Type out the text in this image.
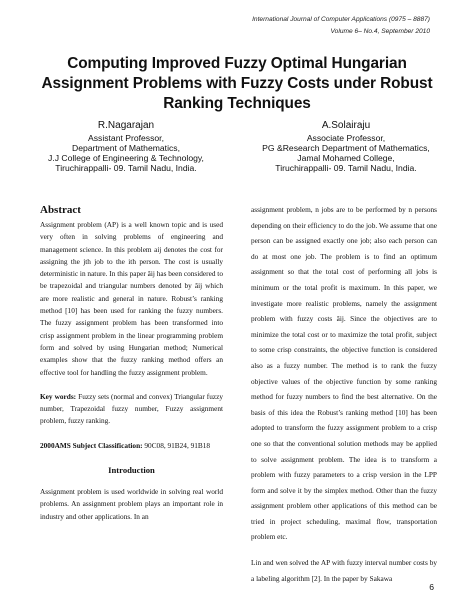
International Journal of Computer Applications (0975 – 8887)
Volume 6– No.4, September 2010
Computing Improved Fuzzy Optimal Hungarian Assignment Problems with Fuzzy Costs under Robust Ranking Techniques
R.Nagarajan
Assistant Professor,
Department of Mathematics,
J.J College of Engineering & Technology,
Tiruchirappalli- 09. Tamil Nadu, India.
A.Solairaju
Associate Professor,
PG &Research Department of Mathematics,
Jamal Mohamed College,
Tiruchirappalli- 09. Tamil Nadu, India.
Abstract

Assignment problem (AP) is a well known topic and is used very often in solving problems of engineering and management science. In this problem aij denotes the cost for assigning the jth job to the ith person. The cost is usually deterministic in nature. In this paper âij has been considered to be trapezoidal and triangular numbers denoted by âij which are more realistic and general in nature. Robust’s ranking method [10] has been used for ranking the fuzzy numbers. The fuzzy assignment problem has been transformed into crisp assignment problem in the linear programming problem form and solved by using Hungarian method; Numerical examples show that the fuzzy ranking method offers an effective tool for handling the fuzzy assignment problem.

Key words: Fuzzy sets (normal and convex) Triangular fuzzy number, Trapezoidal fuzzy number, Fuzzy assignment problem, fuzzy ranking.

2000AMS Subject Classification: 90C08, 91B24, 91B18

Introduction

Assignment problem is used worldwide in solving real world problems. An assignment problem plays an important role in industry and other applications. In an

assignment problem, n jobs are to be performed by n persons depending on their efficiency to do the job. We assume that one person can be assigned exactly one job; also each person can do at most one job. The problem is to find an optimum assignment so that the total cost of performing all jobs is minimum or the total profit is maximum. In this paper, we investigate more realistic problems, namely the assignment problem with fuzzy costs âij. Since the objectives are to minimize the total cost or to maximize the total profit, subject to some crisp constraints, the objective function is considered also as a fuzzy number. The method is to rank the fuzzy objective values of the objective function by some ranking method for fuzzy numbers to find the best alternative. On the basis of this idea the Robust’s ranking method [10] has been adopted to transform the fuzzy assignment problem to a crisp one so that the conventional solution methods may be applied to solve assignment problem. The idea is to transform a problem with fuzzy parameters to a crisp version in the LPP form and solve it by the simplex method. Other than the fuzzy assignment problem other applications of this method can be tried in project scheduling, maximal flow, transportation problem etc.

Lin and wen solved the AP with fuzzy interval number costs by a labeling algorithm [2]. In the paper by Sakawa

6
